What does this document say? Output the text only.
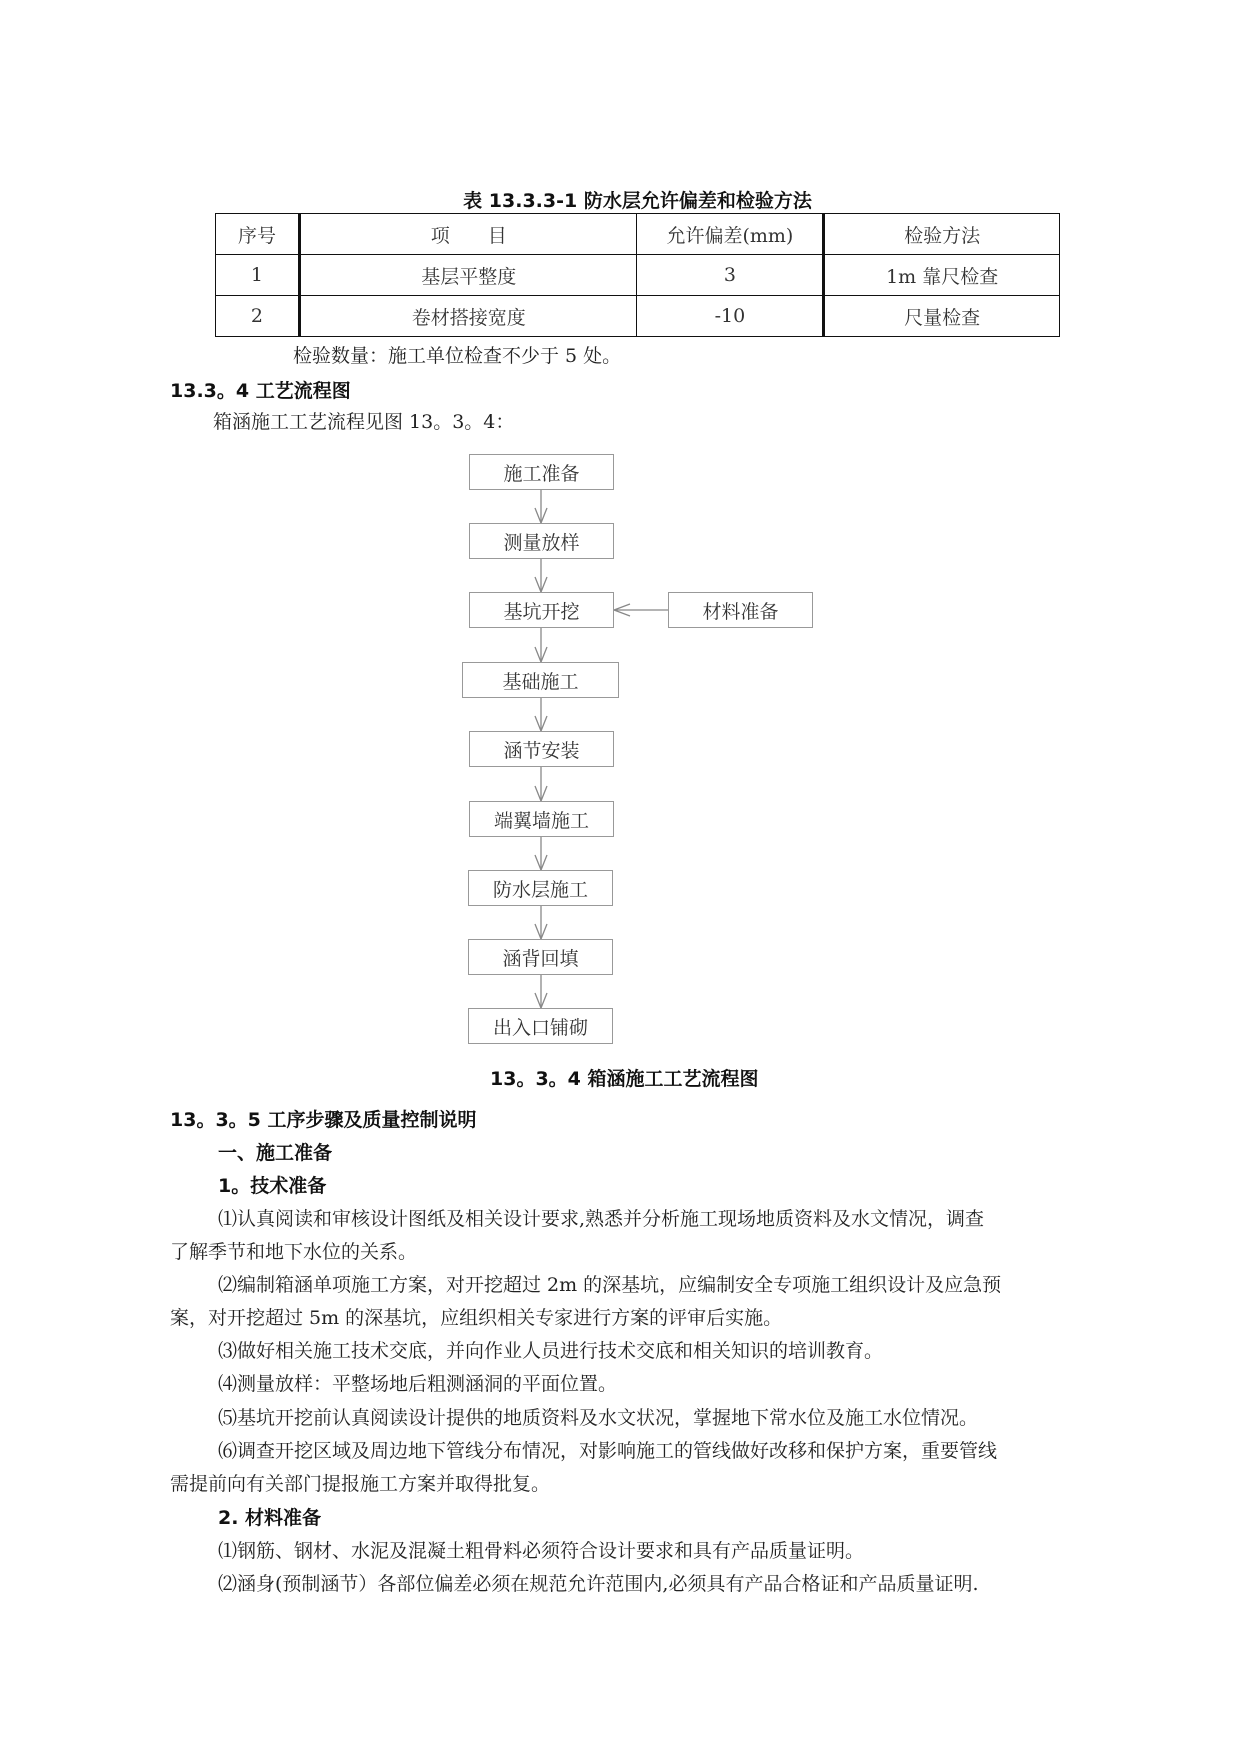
表 13.3.3-1 防水层允许偏差和检验方法
序号	项　　目	允许偏差(mm)	检验方法
1	基层平整度	3	1m 靠尺检查
2	卷材搭接宽度	-10	尺量检查
检验数量：施工单位检查不少于 5 处。
13.3。4 工艺流程图
箱涵施工工艺流程见图 13。3。4：
施工准备
测量放样
基坑开挖	材料准备
基础施工
涵节安装
端翼墙施工
防水层施工
涵背回填
出入口铺砌
13。3。4 箱涵施工工艺流程图
13。3。5 工序步骤及质量控制说明
一、施工准备
1。技术准备
⑴认真阅读和审核设计图纸及相关设计要求,熟悉并分析施工现场地质资料及水文情况，调查
了解季节和地下水位的关系。
⑵编制箱涵单项施工方案，对开挖超过 2m 的深基坑，应编制安全专项施工组织设计及应急预
案，对开挖超过 5m 的深基坑，应组织相关专家进行方案的评审后实施。
⑶做好相关施工技术交底，并向作业人员进行技术交底和相关知识的培训教育。
⑷测量放样：平整场地后粗测涵洞的平面位置。
⑸基坑开挖前认真阅读设计提供的地质资料及水文状况，掌握地下常水位及施工水位情况。
⑹调查开挖区域及周边地下管线分布情况，对影响施工的管线做好改移和保护方案，重要管线
需提前向有关部门提报施工方案并取得批复。
2. 材料准备
⑴钢筋、钢材、水泥及混凝土粗骨料必须符合设计要求和具有产品质量证明。
⑵涵身(预制涵节）各部位偏差必须在规范允许范围内,必须具有产品合格证和产品质量证明.
